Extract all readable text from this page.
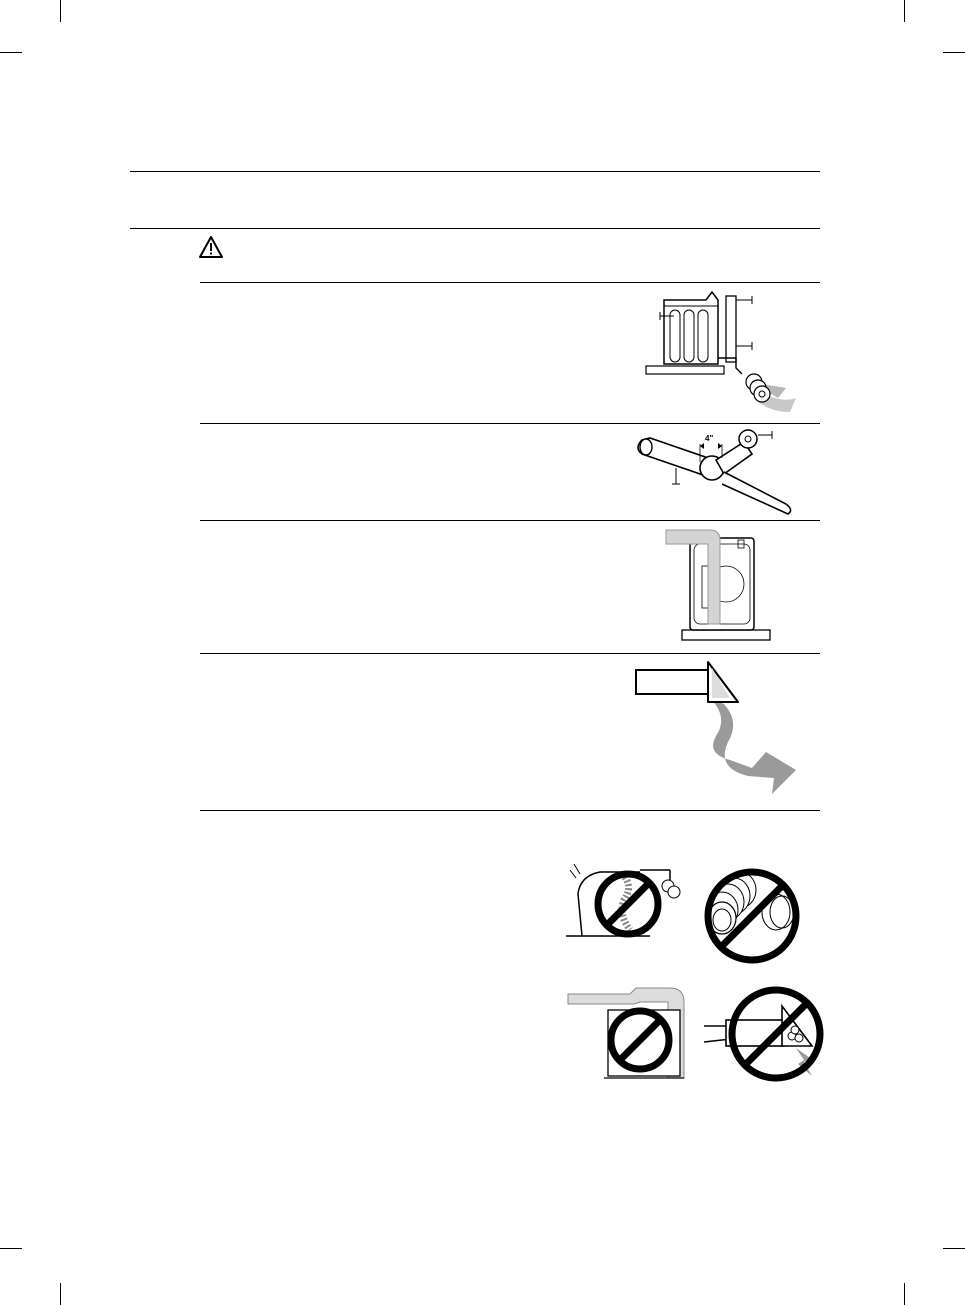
4"
